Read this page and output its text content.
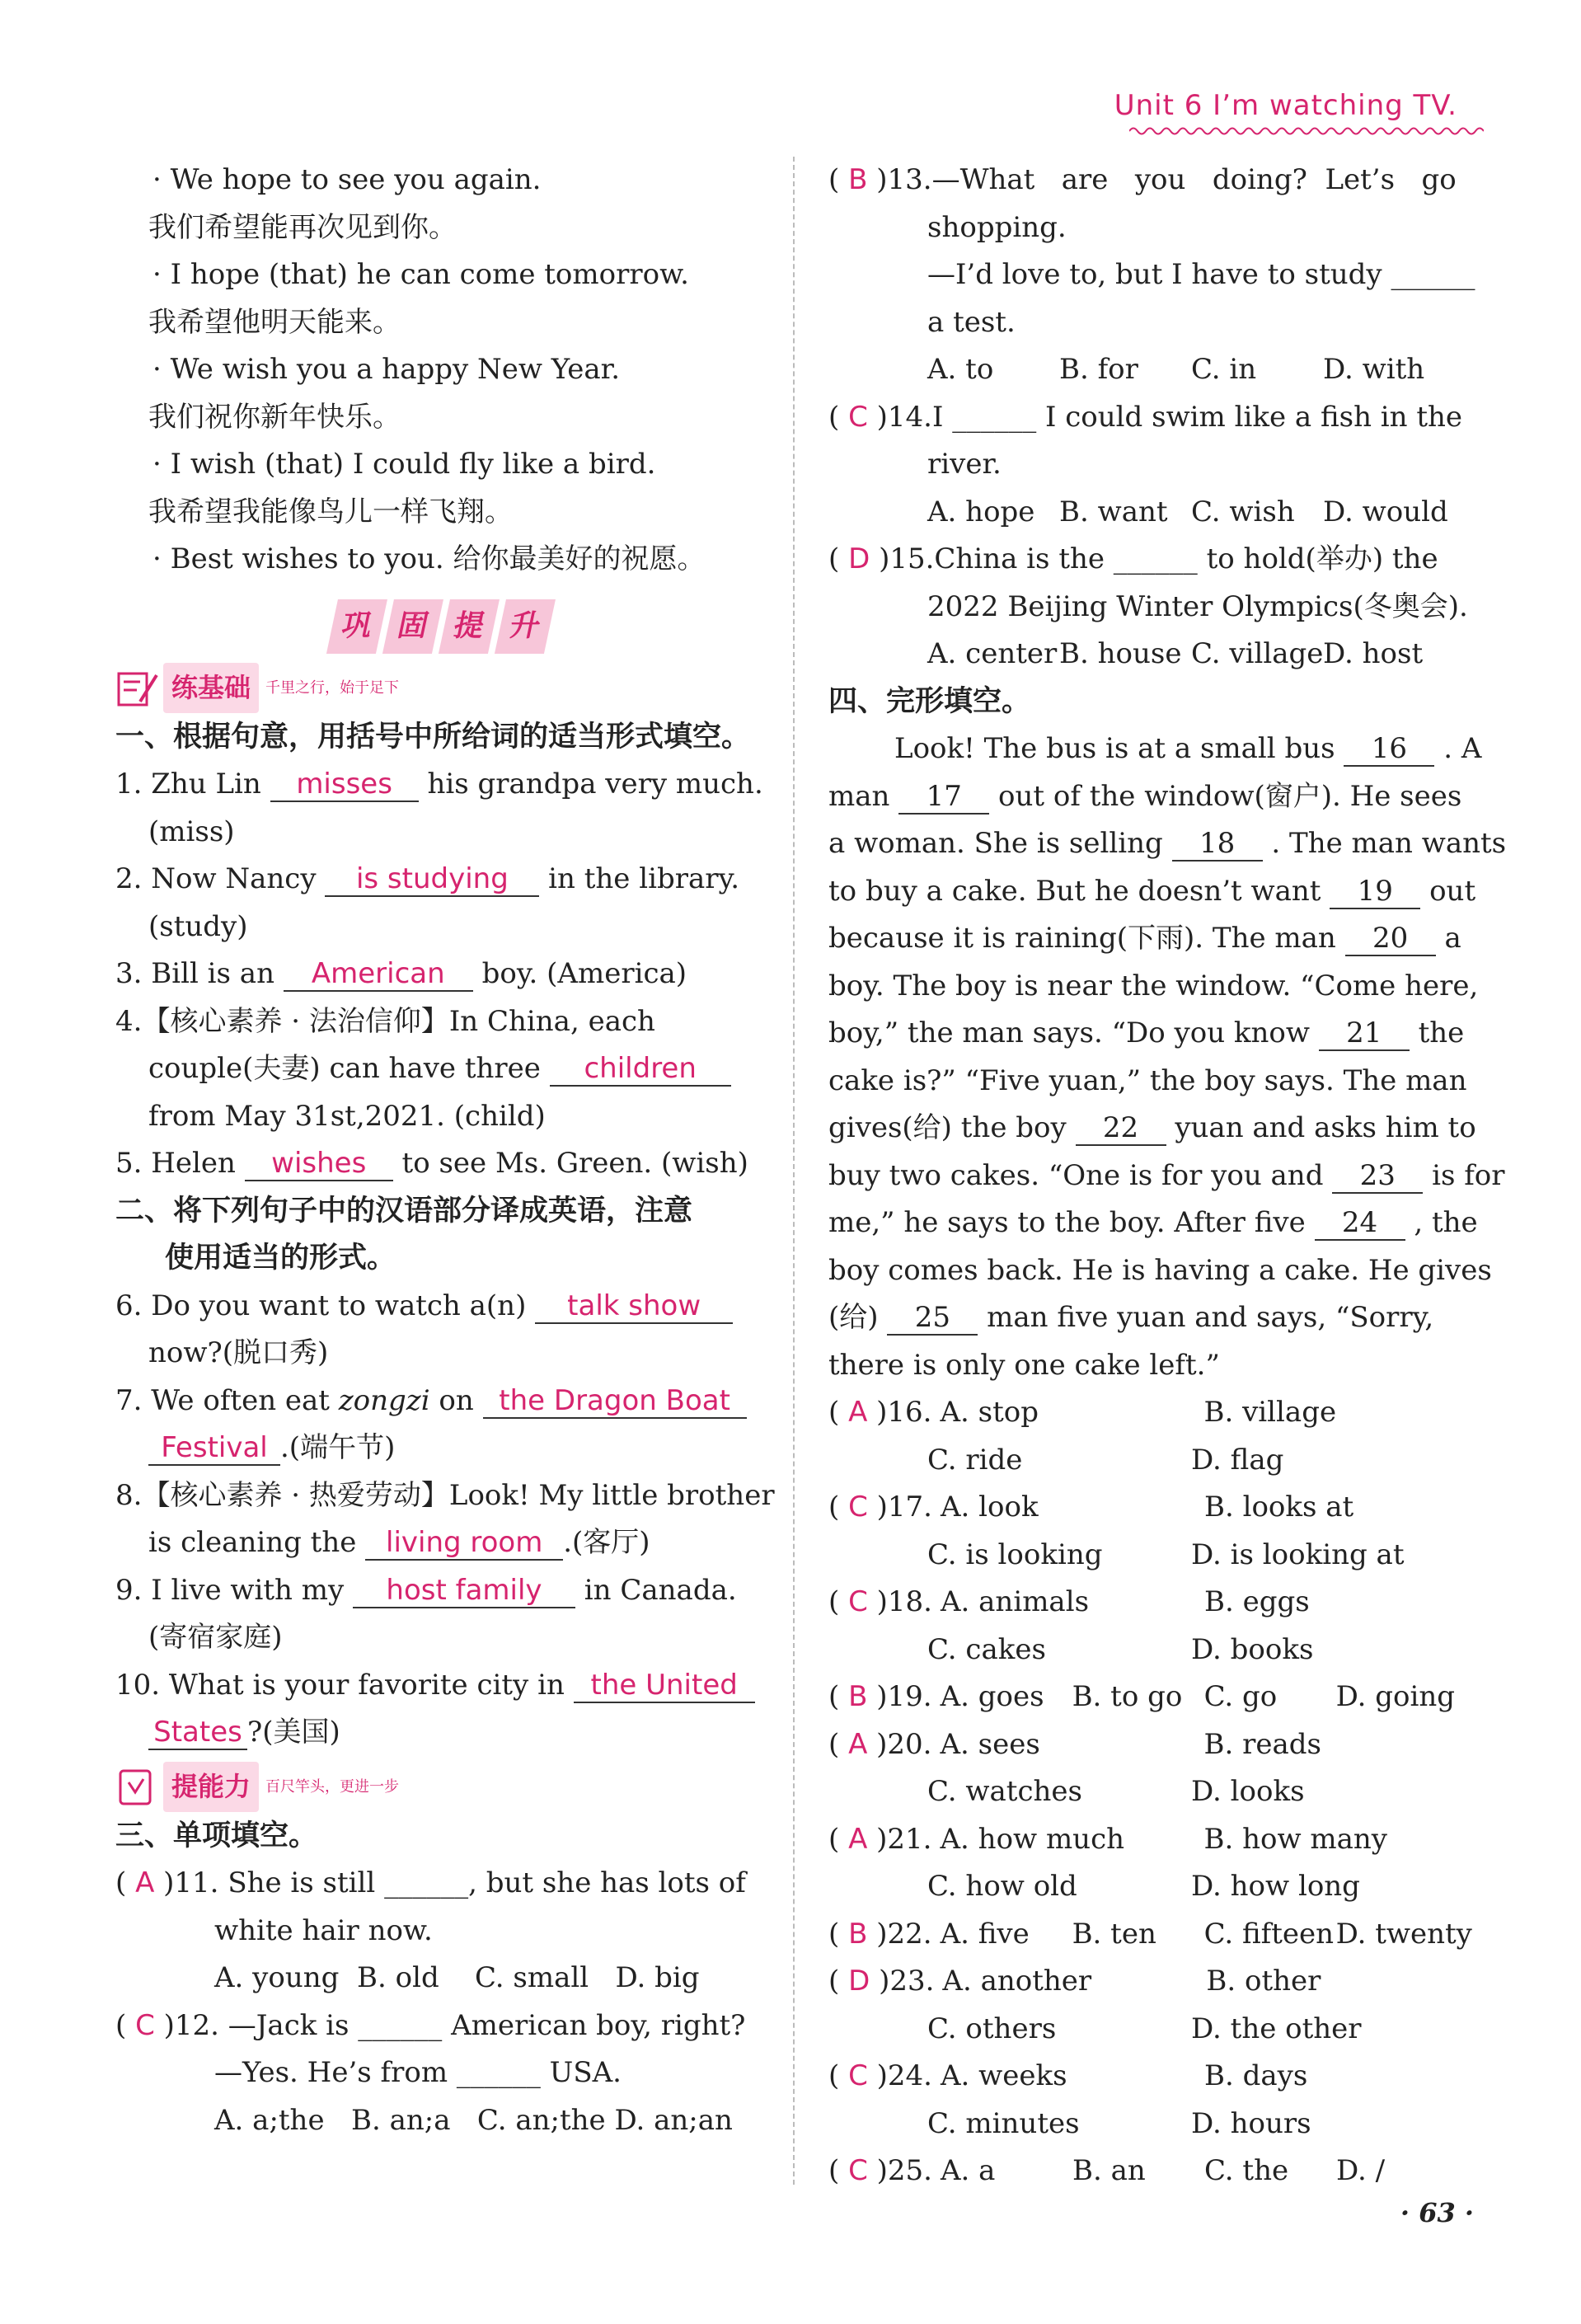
Unit 6 I’m watching TV.
· We hope to see you again.
我们希望能再次见到你。
· I hope (that) he can come tomorrow.
我希望他明天能来。
· We wish you a happy New Year.
我们祝你新年快乐。
· I wish (that) I could fly like a bird.
我希望我能像鸟儿一样飞翔。
· Best wishes to you. 给你最美好的祝愿。
巩 固 提 升
练基础	千里之行，始于足下
一、根据句意，用括号中所给词的适当形式填空。
1. Zhu Lin misses his grandpa very much.
(miss)
2. Now Nancy is studying in the library.
(study)
3. Bill is an American boy. (America)
4.【核心素养 · 法治信仰】In China, each
couple(夫妻) can have three children
from May 31st,2021. (child)
5. Helen wishes to see Ms. Green. (wish)
二、将下列句子中的汉语部分译成英语，注意
使用适当的形式。
6. Do you want to watch a(n) talk show
now?(脱口秀)
7. We often eat zongzi on the Dragon Boat
Festival .(端午节)
8.【核心素养 · 热爱劳动】Look! My little brother
is cleaning the living room .(客厅)
9. I live with my host family in Canada.
(寄宿家庭)
10. What is your favorite city in the United
States ?(美国)
提能力	百尺竿头，更进一步
三、单项填空。
( A )11. She is still ______, but she has lots of
white hair now.
A. young  B. old    C. small   D. big
( C )12. —Jack is ______ American boy, right?
—Yes. He’s from ______ USA.
A. a;the   B. an;a   C. an;the D. an;an
( B )13.—What   are   you   doing?  Let’s   go
shopping.
—I’d love to, but I have to study ______
a test.
A. to B. for C. in D. with
( C )14.I ______ I could swim like a fish in the
river.
A. hope B. want C. wish D. would
( D )15.China is the ______ to hold(举办) the
2022 Beijing Winter Olympics(冬奥会).
A. centerB. house C. villageD. host
四、完形填空。
Look! The bus is at a small bus 16 . A
man 17 out of the window(窗户). He sees
a woman. She is selling 18 . The man wants
to buy a cake. But he doesn’t want 19 out
because it is raining(下雨). The man 20 a
boy. The boy is near the window. “Come here,
boy,” the man says. “Do you know 21 the
cake is?” “Five yuan,” the boy says. The man
gives(给) the boy 22 yuan and asks him to
buy two cakes. “One is for you and 23 is for
me,” he says to the boy. After five 24 , the
boy comes back. He is having a cake. He gives
(给) 25 man five yuan and says, “Sorry,
there is only one cake left.”
( A )16. A. stop	B. village
C. ride	D. flag
( C )17. A. look	B. looks at
C. is looking	D. is looking at
( C )18. A. animals	B. eggs
C. cakes	D. books
( B )19. A. goes B. to go C. go D. going
( A )20. A. sees	B. reads
C. watches	D. looks
( A )21. A. how much	B. how many
C. how old	D. how long
( B )22. A. five B. ten C. fifteenD. twenty
( D )23. A. another	B. other
C. others	D. the other
( C )24. A. weeks	B. days
C. minutes	D. hours
( C )25. A. a	B. an C. the D. /
· 63 ·
